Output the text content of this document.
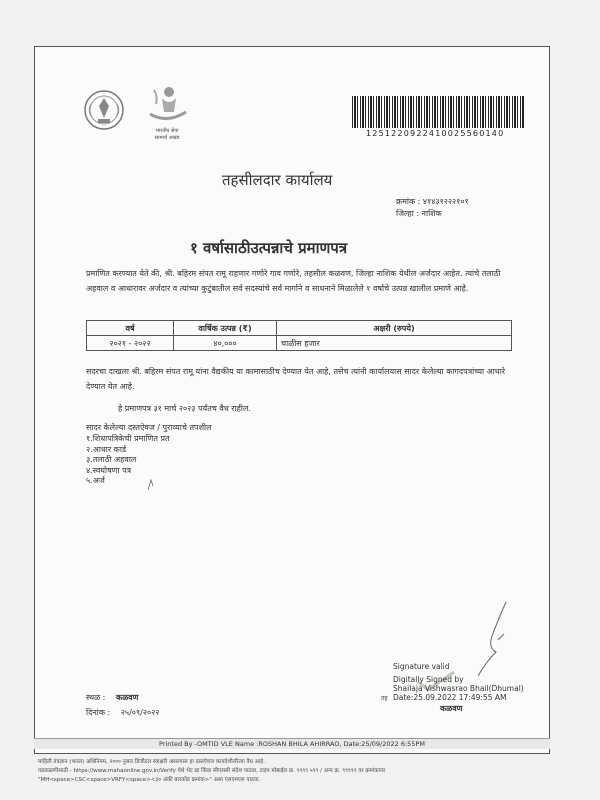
भारतीय सेवा
सामर्थ्य अखंड	1251220922410025560140
तहसीलदार कार्यालय
क्रमांक : ४१४३१२२२१०१
जिल्हा : नाशिक
१ वर्षासाठीउत्पन्नाचे प्रमाणपत्र
प्रमाणित करण्यात येते की, श्री. बहिरम संपत रामू राहणार गणोरे गाव गणोरे, तहसील कळवण, जिल्हा नाशिक येथील अर्जदार आहेत. त्यांचे तलाठी अहवाल व आधारावर अर्जदार व त्यांच्या कुटुंबातील सर्व सदस्यांचे सर्व मार्गाने व साधनाने मिळालेले १ वर्षाचे उत्पन्न खालील प्रमाणे आहे.
वर्ष	वार्षिक उत्पन्न (₹)	अक्षरी (रुपये)
२०२१ - २०२२	४०,०००	चाळीस हजार
सदरचा दाखला श्री. बहिरम संपत रामू यांना वैद्यकीय या कामासाठीच देण्यात येत आहे, तसेच त्यांनी कार्यालयास सादर केलेल्या कागदपत्रांच्या आधारे देण्यात येत आहे.
हे प्रमाणपत्र ३१ मार्च २०२३ पर्यंतच वैध राहील.
सादर केलेल्या दस्तऐवज / पुराव्याचे तपशील
१.शिधापत्रिकेची प्रमाणित प्रत
२.आधार कार्ड
३.तलाठी अहवाल
४.स्वघोषणा पत्र
५.अर्ज
Signature valid
Digitally Signed by
Shailaja Vishwasrao Bhail(Dhumal)
Date:25.09.2022 17:49:55 AM
तह
कळवण
स्थळ : कळवण
दिनांक : २५/०९/२०२२
Printed By -OMTID VLE Name :ROSHAN BHILA AHIRRAO, Date:25/09/2022 6:55PM
माहिती तंत्रज्ञान (भारत) अधिनियम, २००० नुसार डिजीटल स्वाक्षरी असल्यास हा दस्तऐवज कायदेशीररित्या वैध आहे.
पडताळणीसाठी - https://www.mahaonline.gov.in/Verify येथे भेट द्या किंवा सीएससी संदेश पाठवा, टाइप मोबाईल क्र. ९९९९ ५९९ / अन्य क्र. ९९९९९ वर क्रमांकावर
"MH<space>CSC<space>VRFY<space><३० अंकी बारकोड क्रमांक>" असा एसएमएस पाठवा.
